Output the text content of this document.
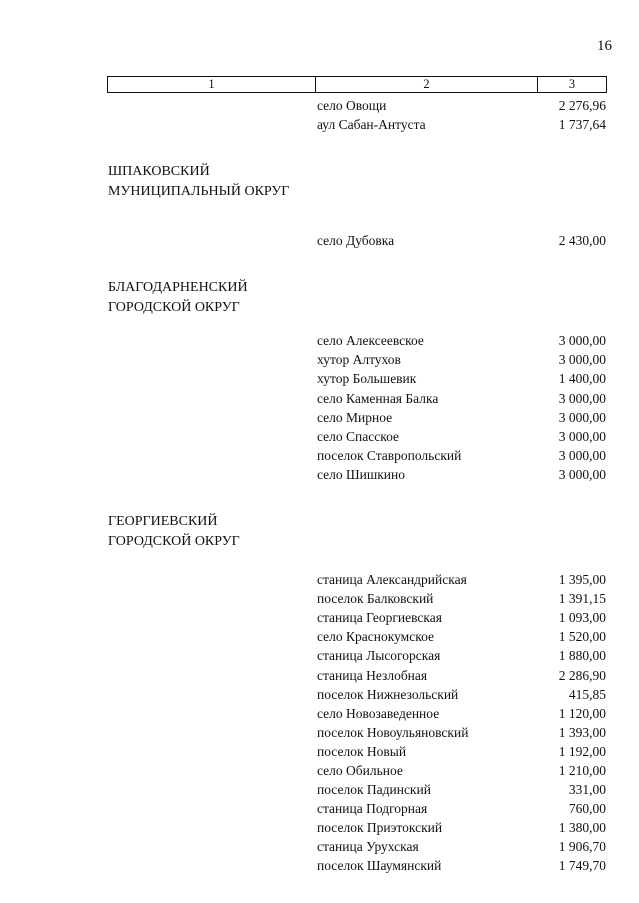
16
1	2	3
село Овощи	2 276,96
аул Сабан-Антуста	1 737,64
ШПАКОВСКИЙ
МУНИЦИПАЛЬНЫЙ ОКРУГ
село Дубовка	2 430,00
БЛАГОДАРНЕНСКИЙ
ГОРОДСКОЙ ОКРУГ
село Алексеевское	3 000,00
хутор Алтухов	3 000,00
хутор Большевик	1 400,00
село Каменная Балка	3 000,00
село Мирное	3 000,00
село Спасское	3 000,00
поселок Ставропольский	3 000,00
село Шишкино	3 000,00
ГЕОРГИЕВСКИЙ
ГОРОДСКОЙ ОКРУГ
станица Александрийская	1 395,00
поселок Балковский	1 391,15
станица Георгиевская	1 093,00
село Краснокумское	1 520,00
станица Лысогорская	1 880,00
станица Незлобная	2 286,90
поселок Нижнезольский	415,85
село Новозаведенное	1 120,00
поселок Новоульяновский	1 393,00
поселок Новый	1 192,00
село Обильное	1 210,00
поселок Падинский	331,00
станица Подгорная	760,00
поселок Приэтокский	1 380,00
станица Урухская	1 906,70
поселок Шаумянский	1 749,70
